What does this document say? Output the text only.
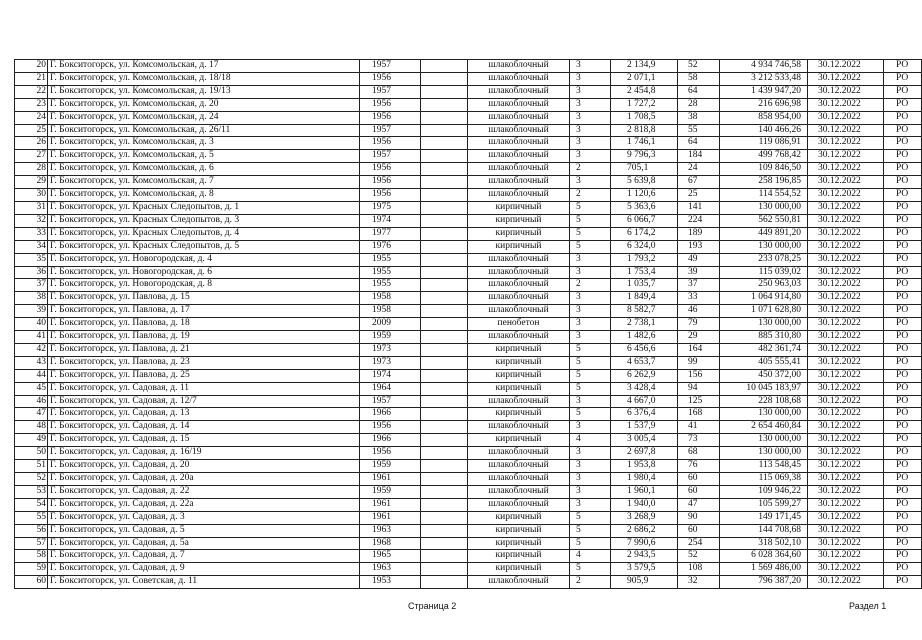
20	Г. Бокситогорск, ул. Комсомольская, д. 17	1957		шлакоблочный	3	2 134,9	52	4 934 746,58	30.12.2022	РО
21	Г. Бокситогорск, ул. Комсомольская, д. 18/18	1956		шлакоблочный	3	2 071,1	58	3 212 533,48	30.12.2022	РО
22	Г. Бокситогорск, ул. Комсомольская, д. 19/13	1957		шлакоблочный	3	2 454,8	64	1 439 947,20	30.12.2022	РО
23	Г. Бокситогорск, ул. Комсомольская, д. 20	1956		шлакоблочный	3	1 727,2	28	216 696,98	30.12.2022	РО
24	Г. Бокситогорск, ул. Комсомольская, д. 24	1956		шлакоблочный	3	1 708,5	38	858 954,00	30.12.2022	РО
25	Г. Бокситогорск, ул. Комсомольская, д. 26/11	1957		шлакоблочный	3	2 818,8	55	140 466,26	30.12.2022	РО
26	Г. Бокситогорск, ул. Комсомольская, д. 3	1956		шлакоблочный	3	1 746,1	64	119 086,91	30.12.2022	РО
27	Г. Бокситогорск, ул. Комсомольская, д. 5	1957		шлакоблочный	3	9 796,3	184	499 768,42	30.12.2022	РО
28	Г. Бокситогорск, ул. Комсомольская, д. 6	1956		шлакоблочный	2	705,1	24	109 846,50	30.12.2022	РО
29	Г. Бокситогорск, ул. Комсомольская, д. 7	1956		шлакоблочный	3	5 639,8	67	258 196,85	30.12.2022	РО
30	Г. Бокситогорск, ул. Комсомольская, д. 8	1956		шлакоблочный	2	1 120,6	25	114 554,52	30.12.2022	РО
31	Г. Бокситогорск, ул. Красных Следопытов, д. 1	1975		кирпичный	5	5 363,6	141	130 000,00	30.12.2022	РО
32	Г. Бокситогорск, ул. Красных Следопытов, д. 3	1974		кирпичный	5	6 066,7	224	562 550,81	30.12.2022	РО
33	Г. Бокситогорск, ул. Красных Следопытов, д. 4	1977		кирпичный	5	6 174,2	189	449 891,20	30.12.2022	РО
34	Г. Бокситогорск, ул. Красных Следопытов, д. 5	1976		кирпичный	5	6 324,0	193	130 000,00	30.12.2022	РО
35	Г. Бокситогорск, ул. Новогородская, д. 4	1955		шлакоблочный	3	1 793,2	49	233 078,25	30.12.2022	РО
36	Г. Бокситогорск, ул. Новогородская, д. 6	1955		шлакоблочный	3	1 753,4	39	115 039,02	30.12.2022	РО
37	Г. Бокситогорск, ул. Новогородская, д. 8	1955		шлакоблочный	2	1 035,7	37	250 963,03	30.12.2022	РО
38	Г. Бокситогорск, ул. Павлова, д. 15	1958		шлакоблочный	3	1 849,4	33	1 064 914,80	30.12.2022	РО
39	Г. Бокситогорск, ул. Павлова, д. 17	1958		шлакоблочный	3	8 582,7	46	1 071 628,80	30.12.2022	РО
40	Г. Бокситогорск, ул. Павлова, д. 18	2009		пенобетон	3	2 738,1	79	130 000,00	30.12.2022	РО
41	Г. Бокситогорск, ул. Павлова, д. 19	1959		шлакоблочный	3	1 482,6	29	885 310,80	30.12.2022	РО
42	Г. Бокситогорск, ул. Павлова, д. 21	1973		кирпичный	5	6 456,6	164	482 361,74	30.12.2022	РО
43	Г. Бокситогорск, ул. Павлова, д. 23	1973		кирпичный	5	4 653,7	99	405 555,41	30.12.2022	РО
44	Г. Бокситогорск, ул. Павлова, д. 25	1974		кирпичный	5	6 262,9	156	450 372,00	30.12.2022	РО
45	Г. Бокситогорск, ул. Садовая, д. 11	1964		кирпичный	5	3 428,4	94	10 045 183,97	30.12.2022	РО
46	Г. Бокситогорск, ул. Садовая, д. 12/7	1957		шлакоблочный	3	4 667,0	125	228 108,68	30.12.2022	РО
47	Г. Бокситогорск, ул. Садовая, д. 13	1966		кирпичный	5	6 376,4	168	130 000,00	30.12.2022	РО
48	Г. Бокситогорск, ул. Садовая, д. 14	1956		шлакоблочный	3	1 537,9	41	2 654 460,84	30.12.2022	РО
49	Г. Бокситогорск, ул. Садовая, д. 15	1966		кирпичный	4	3 005,4	73	130 000,00	30.12.2022	РО
50	Г. Бокситогорск, ул. Садовая, д. 16/19	1956		шлакоблочный	3	2 697,8	68	130 000,00	30.12.2022	РО
51	Г. Бокситогорск, ул. Садовая, д. 20	1959		шлакоблочный	3	1 953,8	76	113 548,45	30.12.2022	РО
52	Г. Бокситогорск, ул. Садовая, д. 20а	1961		шлакоблочный	3	1 980,4	60	115 069,38	30.12.2022	РО
53	Г. Бокситогорск, ул. Садовая, д. 22	1959		шлакоблочный	3	1 960,1	60	109 946,22	30.12.2022	РО
54	Г. Бокситогорск, ул. Садовая, д. 22а	1961		шлакоблочный	3	1 940,0	47	105 599,27	30.12.2022	РО
55	Г. Бокситогорск, ул. Садовая, д. 3	1961		кирпичный	5	3 268,9	90	149 171,45	30.12.2022	РО
56	Г. Бокситогорск, ул. Садовая, д. 5	1963		кирпичный	5	2 686,2	60	144 708,68	30.12.2022	РО
57	Г. Бокситогорск, ул. Садовая, д. 5а	1968		кирпичный	5	7 990,6	254	318 502,10	30.12.2022	РО
58	Г. Бокситогорск, ул. Садовая, д. 7	1965		кирпичный	4	2 943,5	52	6 028 364,60	30.12.2022	РО
59	Г. Бокситогорск, ул. Садовая, д. 9	1963		кирпичный	5	3 579,5	108	1 569 486,00	30.12.2022	РО
60	Г. Бокситогорск, ул. Советская, д. 11	1953		шлакоблочный	2	905,9	32	796 387,20	30.12.2022	РО
Страница 2	Раздел 1
